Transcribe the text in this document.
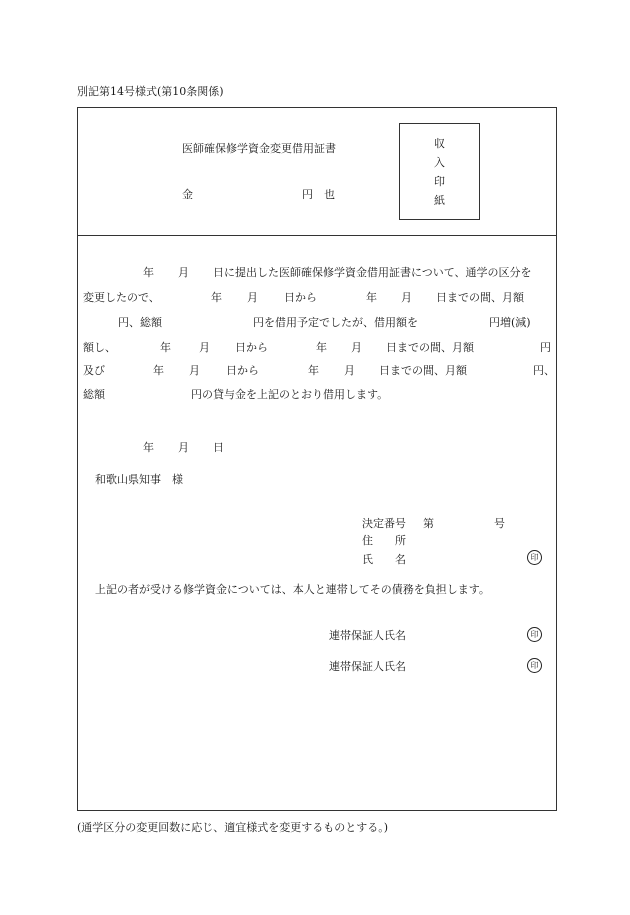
別記第14号様式(第10条関係)
医師確保修学資金変更借用証書
金	円　也
収
入
印
紙
年 月 日に提出した医師確保修学資金借用証書について、通学の区分を
変更したので、	年 月 日から	年 月 日までの間、月額
円、総額	円を借用予定でしたが、借用額を	円増(減)
額し、	年	月 日から	年 月 日までの間、月額	円
及び	年 月 日から	年 月 日までの間、月額	円、
総額	円の貸与金を上記のとおり借用します。
年 月 日
和歌山県知事　様
決定番号 第	号
住　　所
氏　　名	印
上記の者が受ける修学資金については、本人と連帯してその債務を負担します。
連帯保証人氏名	印
連帯保証人氏名	印
(通学区分の変更回数に応じ、適宜様式を変更するものとする。)
